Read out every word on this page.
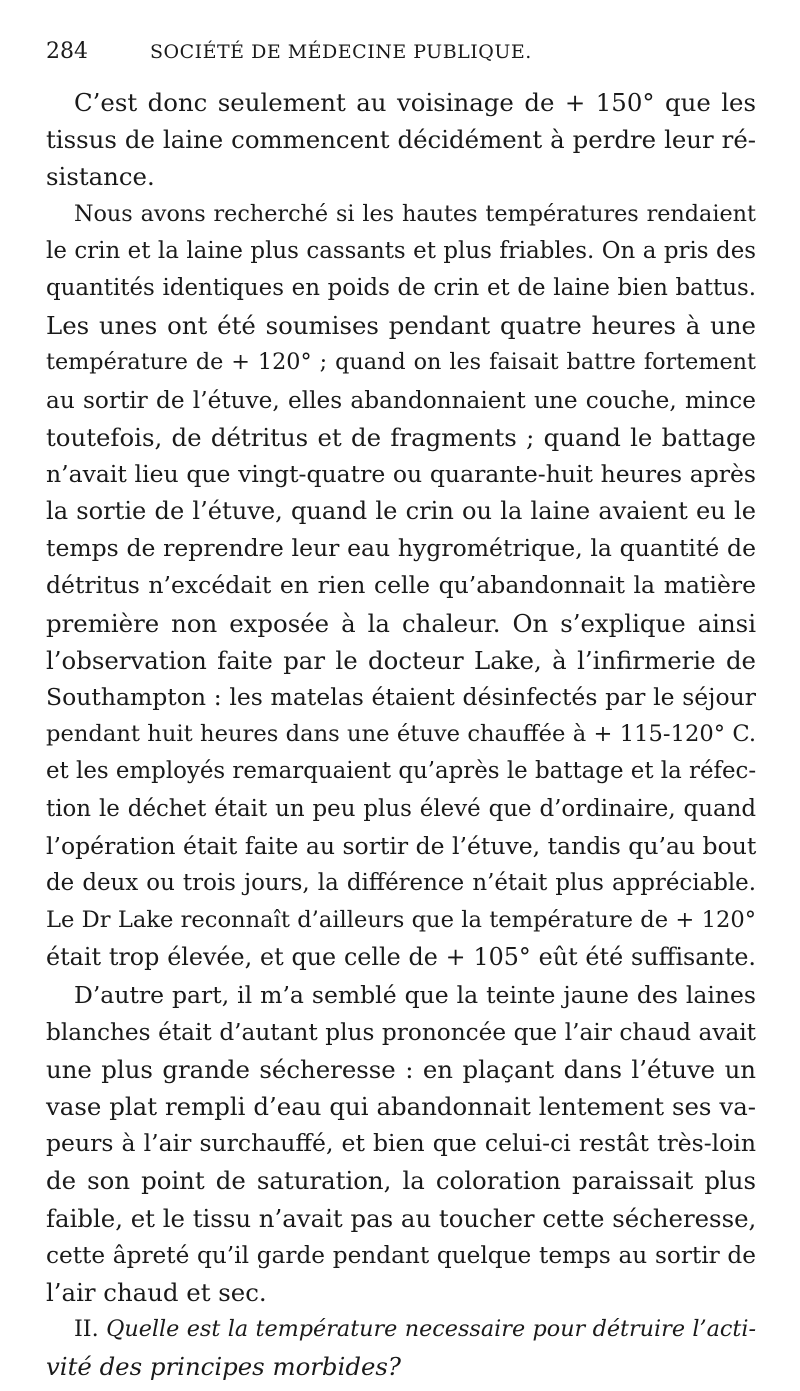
284	SOCIÉTÉ DE MÉDECINE PUBLIQUE.
C’est donc seulement au voisinage de + 150° que les
tissus de laine commencent décidément à perdre leur ré-
sistance.
Nous avons recherché si les hautes températures rendaient
le crin et la laine plus cassants et plus friables. On a pris des
quantités identiques en poids de crin et de laine bien battus.
Les unes ont été soumises pendant quatre heures à une
température de + 120° ; quand on les faisait battre fortement
au sortir de l’étuve, elles abandonnaient une couche, mince
toutefois, de détritus et de fragments ; quand le battage
n’avait lieu que vingt-quatre ou quarante-huit heures après
la sortie de l’étuve, quand le crin ou la laine avaient eu le
temps de reprendre leur eau hygrométrique, la quantité de
détritus n’excédait en rien celle qu’abandonnait la matière
première non exposée à la chaleur. On s’explique ainsi
l’observation faite par le docteur Lake, à l’infirmerie de
Southampton : les matelas étaient désinfectés par le séjour
pendant huit heures dans une étuve chauffée à + 115-120° C.
et les employés remarquaient qu’après le battage et la réfec-
tion le déchet était un peu plus élevé que d’ordinaire, quand
l’opération était faite au sortir de l’étuve, tandis qu’au bout
de deux ou trois jours, la différence n’était plus appréciable.
Le Dr Lake reconnaît d’ailleurs que la température de + 120°
était trop élevée, et que celle de + 105° eût été suffisante.
D’autre part, il m’a semblé que la teinte jaune des laines
blanches était d’autant plus prononcée que l’air chaud avait
une plus grande sécheresse : en plaçant dans l’étuve un
vase plat rempli d’eau qui abandonnait lentement ses va-
peurs à l’air surchauffé, et bien que celui-ci restât très-loin
de son point de saturation, la coloration paraissait plus
faible, et le tissu n’avait pas au toucher cette sécheresse,
cette âpreté qu’il garde pendant quelque temps au sortir de
l’air chaud et sec.
II. Quelle est la température necessaire pour détruire l’acti-
vité des principes morbides?
